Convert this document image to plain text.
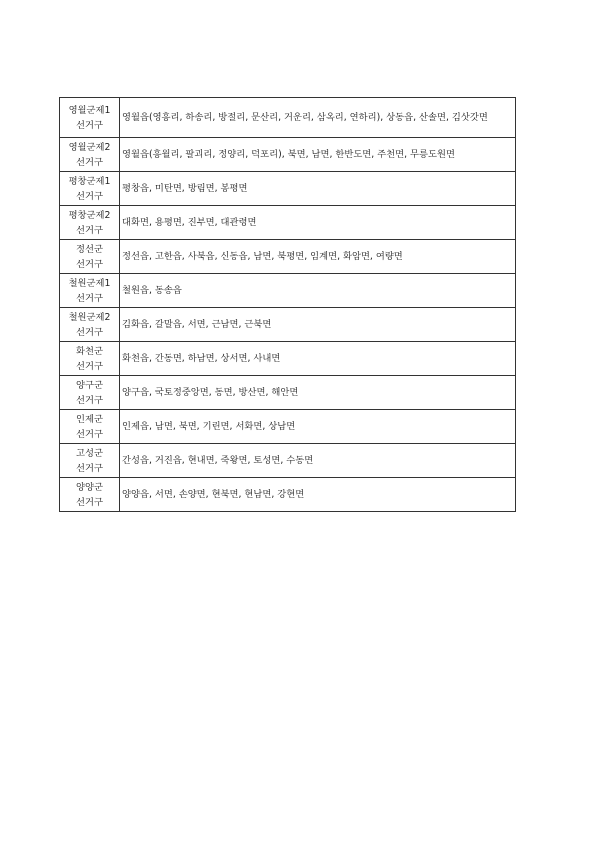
영월군제1
선거구	영월읍(영흥리, 하송리, 방절리, 문산리, 거운리, 삼옥리, 연하리), 상동읍, 산솔면, 김삿갓면

영월군제2
선거구	영월읍(흥월리, 팔괴리, 정양리, 덕포리), 북면, 남면, 한반도면, 주천면, 무릉도원면

평창군제1
선거구	평창읍, 미탄면, 방림면, 봉평면

평창군제2
선거구	대화면, 용평면, 진부면, 대관령면

정선군
선거구	정선읍, 고한읍, 사북읍, 신동읍, 남면, 북평면, 임계면, 화암면, 여량면

철원군제1
선거구	철원읍, 동송읍

철원군제2
선거구	김화읍, 갈말읍, 서면, 근남면, 근북면

화천군
선거구	화천읍, 간동면, 하남면, 상서면, 사내면

양구군
선거구	양구읍, 국토정중앙면, 동면, 방산면, 해안면

인제군
선거구	인제읍, 남면, 북면, 기린면, 서화면, 상남면

고성군
선거구	간성읍, 거진읍, 현내면, 죽왕면, 토성면, 수동면

양양군
선거구	양양읍, 서면, 손양면, 현북면, 현남면, 강현면
